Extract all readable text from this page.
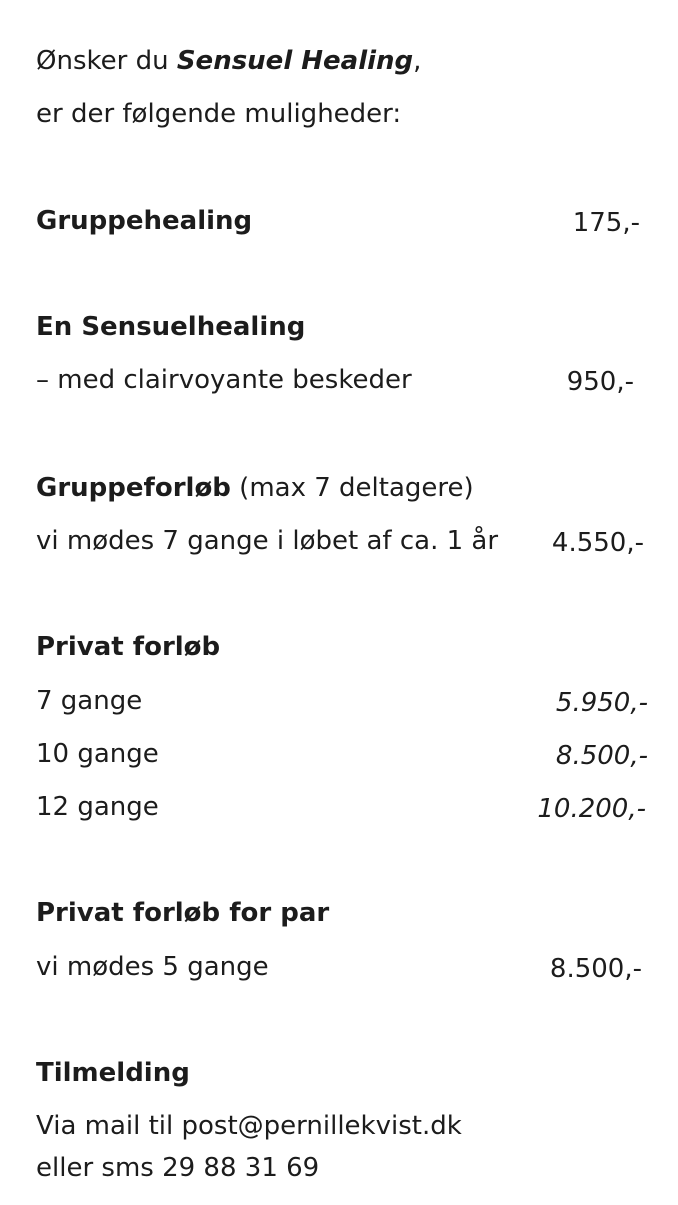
Ønsker du Sensuel Healing,
er der følgende muligheder:
Gruppehealing	175,-
En Sensuelhealing
– med clairvoyante beskeder	950,-
Gruppeforløb (max 7 deltagere)
vi mødes 7 gange i løbet af ca. 1 år 4.550,-
Privat forløb
7 gange	5.950,-
10 gange	8.500,-
12 gange	10.200,-
Privat forløb for par
vi mødes 5 gange	8.500,-
Tilmelding
Via mail til post@pernillekvist.dk
eller sms 29 88 31 69
